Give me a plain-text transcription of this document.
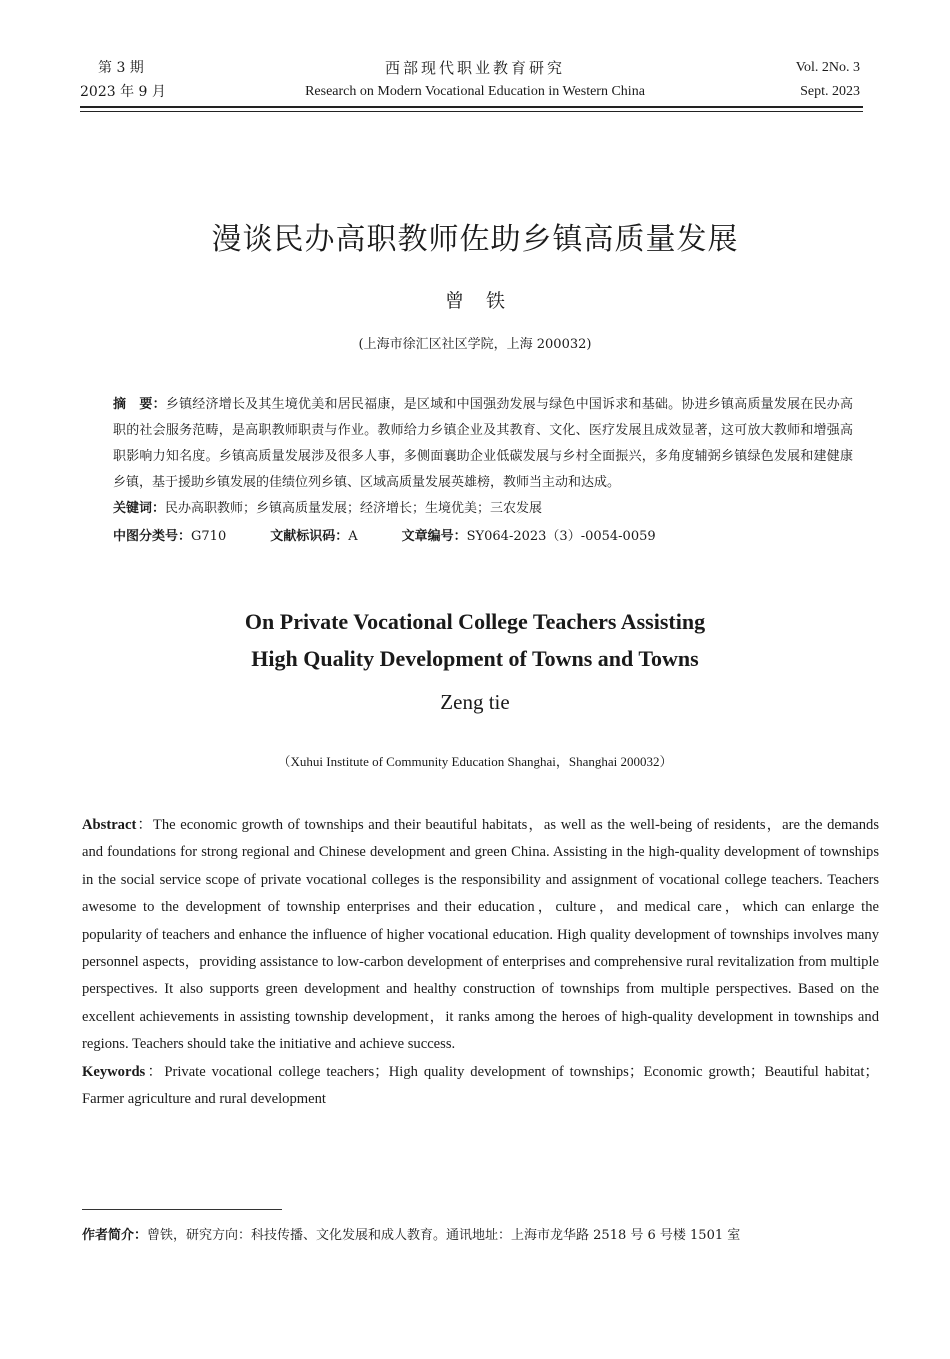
第 3 期
2023 年 9 月
西部现代职业教育研究
Research on Modern Vocational Education in Western China
Vol. 2No. 3
Sept. 2023
漫谈民办高职教师佐助乡镇高质量发展
曾铁
(上海市徐汇区社区学院，上海 200032)

摘　要：乡镇经济增长及其生境优美和居民福康，是区域和中国强劲发展与绿色中国诉求和基础。协进乡镇高质量发展在民办高职的社会服务范畴，是高职教师职责与作业。教师给力乡镇企业及其教育、文化、医疗发展且成效显著，这可放大教师和增强高职影响力知名度。乡镇高质量发展涉及很多人事，多侧面襄助企业低碳发展与乡村全面振兴，多角度辅弼乡镇绿色发展和建健康乡镇，基于援助乡镇发展的佳绩位列乡镇、区域高质量发展英雄榜，教师当主动和达成。

关键词：民办高职教师；乡镇高质量发展；经济增长；生境优美；三农发展

中图分类号：G710	文献标识码：A	文章编号：SY064-2023（3）-0054-0059
On Private Vocational College Teachers Assisting
High Quality Development of Towns and Towns
Zeng tie
（Xuhui Institute of Community Education Shanghai，Shanghai 200032）

Abstract：The economic growth of townships and their beautiful habitats，as well as the well-being of residents，are the demands and foundations for strong regional and Chinese development and green China. Assisting in the high-quality development of townships in the social service scope of private vocational colleges is the responsibility and assignment of vocational college teachers. Teachers awesome to the development of township enterprises and their education，culture，and medical care，which can enlarge the popularity of teachers and enhance the influence of higher vocational education. High quality development of townships involves many personnel aspects，providing assistance to low-carbon development of enterprises and comprehensive rural revitalization from multiple perspectives. It also supports green development and healthy construction of townships from multiple perspectives. Based on the excellent achievements in assisting township development，it ranks among the heroes of high-quality development in townships and regions. Teachers should take the initiative and achieve success.

Keywords：Private vocational college teachers；High quality development of townships；Economic growth；Beautiful habitat；Farmer agriculture and rural development

作者简介：曾铁，研究方向：科技传播、文化发展和成人教育。通讯地址：上海市龙华路 2518 号 6 号楼 1501 室
